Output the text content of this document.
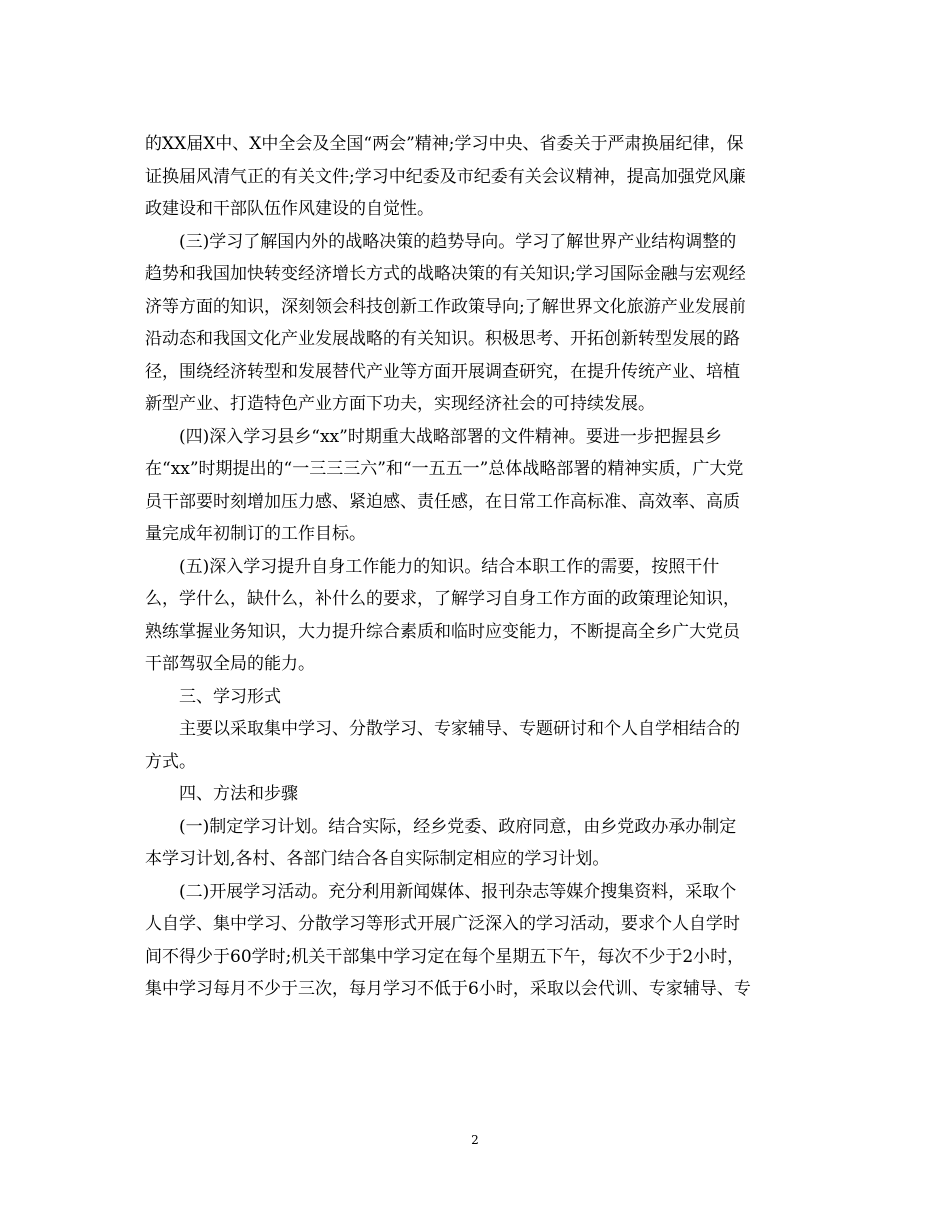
的XX届X中、X中全会及全国“两会”精神;学习中央、省委关于严肃换届纪律，保
证换届风清气正的有关文件;学习中纪委及市纪委有关会议精神，提高加强党风廉
政建设和干部队伍作风建设的自觉性。
(三)学习了解国内外的战略决策的趋势导向。学习了解世界产业结构调整的
趋势和我国加快转变经济增长方式的战略决策的有关知识;学习国际金融与宏观经
济等方面的知识，深刻领会科技创新工作政策导向;了解世界文化旅游产业发展前
沿动态和我国文化产业发展战略的有关知识。积极思考、开拓创新转型发展的路
径，围绕经济转型和发展替代产业等方面开展调查研究，在提升传统产业、培植
新型产业、打造特色产业方面下功夫，实现经济社会的可持续发展。
(四)深入学习县乡“xx”时期重大战略部署的文件精神。要进一步把握县乡
在“xx”时期提出的“一三三三六”和“一五五一”总体战略部署的精神实质，广大党
员干部要时刻增加压力感、紧迫感、责任感，在日常工作高标准、高效率、高质
量完成年初制订的工作目标。
(五)深入学习提升自身工作能力的知识。结合本职工作的需要，按照干什
么，学什么，缺什么，补什么的要求，了解学习自身工作方面的政策理论知识，
熟练掌握业务知识，大力提升综合素质和临时应变能力，不断提高全乡广大党员
干部驾驭全局的能力。
三、学习形式
主要以采取集中学习、分散学习、专家辅导、专题研讨和个人自学相结合的
方式。
四、方法和步骤
(一)制定学习计划。结合实际，经乡党委、政府同意，由乡党政办承办制定
本学习计划,各村、各部门结合各自实际制定相应的学习计划。
(二)开展学习活动。充分利用新闻媒体、报刊杂志等媒介搜集资料，采取个
人自学、集中学习、分散学习等形式开展广泛深入的学习活动，要求个人自学时
间不得少于60学时;机关干部集中学习定在每个星期五下午，每次不少于2小时，
集中学习每月不少于三次，每月学习不低于6小时，采取以会代训、专家辅导、专
2
